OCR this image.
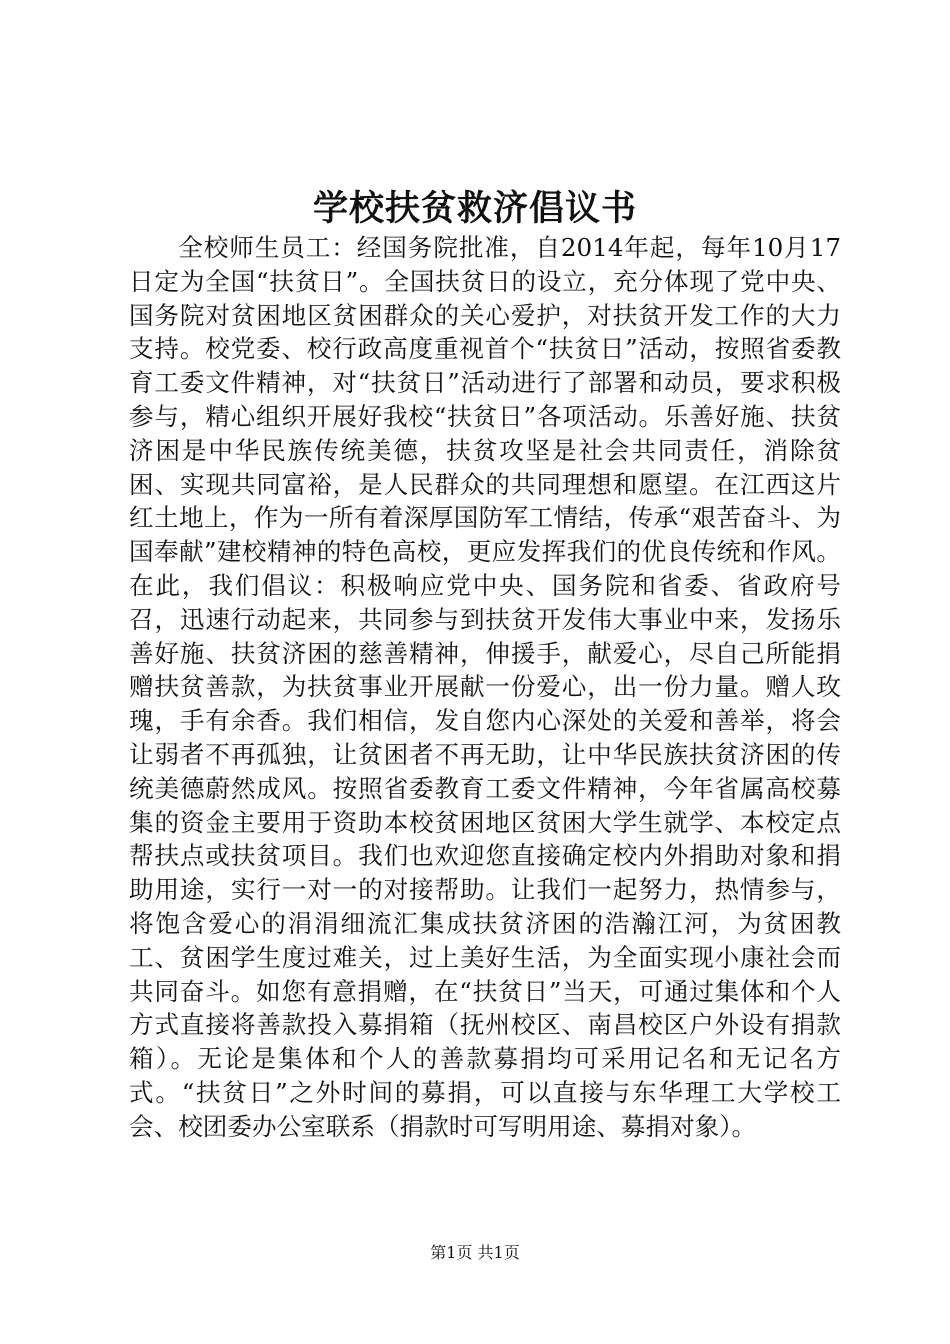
学校扶贫救济倡议书

全校师生员工：经国务院批准，自2014年起，每年10月17日定为全国“扶贫日”。全国扶贫日的设立，充分体现了党中央、国务院对贫困地区贫困群众的关心爱护，对扶贫开发工作的大力支持。校党委、校行政高度重视首个“扶贫日”活动，按照省委教育工委文件精神，对“扶贫日”活动进行了部署和动员，要求积极参与，精心组织开展好我校“扶贫日”各项活动。乐善好施、扶贫济困是中华民族传统美德，扶贫攻坚是社会共同责任，消除贫困、实现共同富裕，是人民群众的共同理想和愿望。在江西这片红土地上，作为一所有着深厚国防军工情结，传承“艰苦奋斗、为国奉献”建校精神的特色高校，更应发挥我们的优良传统和作风。在此，我们倡议：积极响应党中央、国务院和省委、省政府号召，迅速行动起来，共同参与到扶贫开发伟大事业中来，发扬乐善好施、扶贫济困的慈善精神，伸援手，献爱心，尽自己所能捐赠扶贫善款，为扶贫事业开展献一份爱心，出一份力量。赠人玫瑰，手有余香。我们相信，发自您内心深处的关爱和善举，将会让弱者不再孤独，让贫困者不再无助，让中华民族扶贫济困的传统美德蔚然成风。按照省委教育工委文件精神，今年省属高校募集的资金主要用于资助本校贫困地区贫困大学生就学、本校定点帮扶点或扶贫项目。我们也欢迎您直接确定校内外捐助对象和捐助用途，实行一对一的对接帮助。让我们一起努力，热情参与，将饱含爱心的涓涓细流汇集成扶贫济困的浩瀚江河，为贫困教工、贫困学生度过难关，过上美好生活，为全面实现小康社会而共同奋斗。如您有意捐赠，在“扶贫日”当天，可通过集体和个人方式直接将善款投入募捐箱（抚州校区、南昌校区户外设有捐款箱）。无论是集体和个人的善款募捐均可采用记名和无记名方式。“扶贫日”之外时间的募捐，可以直接与东华理工大学校工会、校团委办公室联系（捐款时可写明用途、募捐对象）。

第1页 共1页
